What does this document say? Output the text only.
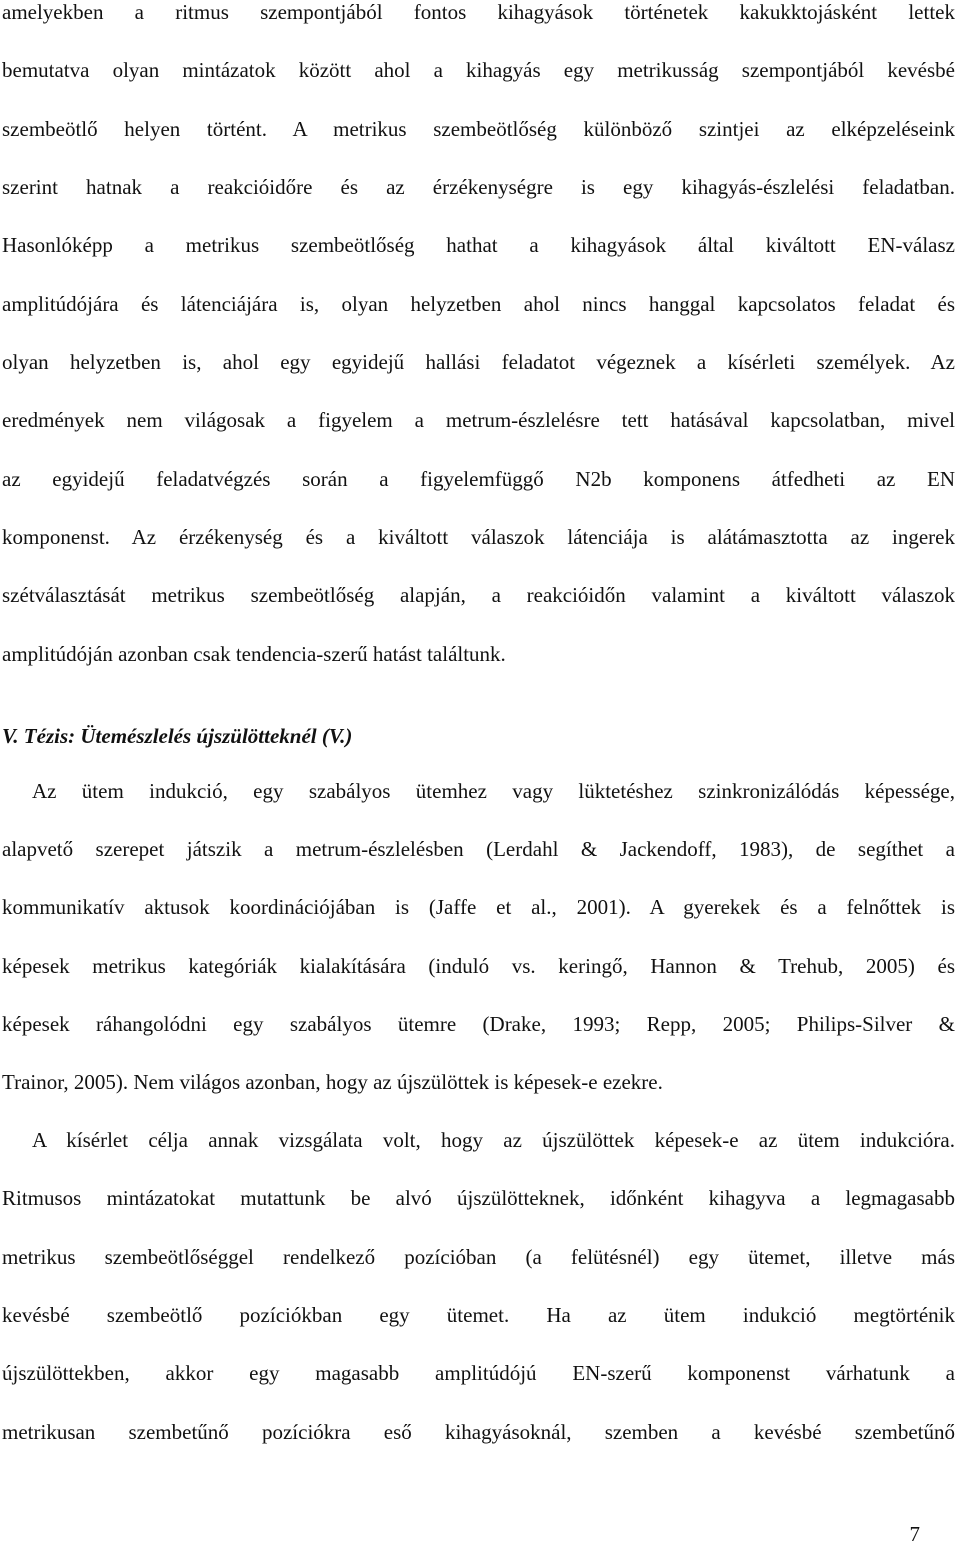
amelyekben a ritmus szempontjából fontos kihagyások történetek kakukktojásként lettek
bemutatva olyan mintázatok között ahol a kihagyás egy metrikusság szempontjából kevésbé
szembeötlő helyen történt. A metrikus szembeötlőség különböző szintjei az elképzeléseink
szerint hatnak a reakcióidőre és az érzékenységre is egy kihagyás-észlelési feladatban.
Hasonlóképp a metrikus szembeötlőség hathat a kihagyások által kiváltott EN-válasz
amplitúdójára és látenciájára is, olyan helyzetben ahol nincs hanggal kapcsolatos feladat és
olyan helyzetben is, ahol egy egyidejű hallási feladatot végeznek a kísérleti személyek. Az
eredmények nem világosak a figyelem a metrum-észlelésre tett hatásával kapcsolatban, mivel
az egyidejű feladatvégzés során a figyelemfüggő N2b komponens átfedheti az EN
komponenst. Az érzékenység és a kiváltott válaszok látenciája is alátámasztotta az ingerek
szétválasztását metrikus szembeötlőség alapján, a reakcióidőn valamint a kiváltott válaszok
amplitúdóján azonban csak tendencia-szerű hatást találtunk.
V. Tézis: Ütemészlelés újszülötteknél (V.)
Az ütem indukció, egy szabályos ütemhez vagy lüktetéshez szinkronizálódás képessége,
alapvető szerepet játszik a metrum-észlelésben (Lerdahl & Jackendoff, 1983), de segíthet a
kommunikatív aktusok koordinációjában is (Jaffe et al., 2001). A gyerekek és a felnőttek is
képesek metrikus kategóriák kialakítására (induló vs. keringő, Hannon & Trehub, 2005) és
képesek ráhangolódni egy szabályos ütemre (Drake, 1993; Repp, 2005; Philips-Silver &
Trainor, 2005). Nem világos azonban, hogy az újszülöttek is képesek-e ezekre.
A kísérlet célja annak vizsgálata volt, hogy az újszülöttek képesek-e az ütem indukcióra.
Ritmusos mintázatokat mutattunk be alvó újszülötteknek, időnként kihagyva a legmagasabb
metrikus szembeötlőséggel rendelkező pozícióban (a felütésnél) egy ütemet, illetve más
kevésbé szembeötlő pozíciókban egy ütemet. Ha az ütem indukció megtörténik
újszülöttekben, akkor egy magasabb amplitúdójú EN-szerű komponenst várhatunk a
metrikusan szembetűnő pozíciókra eső kihagyásoknál, szemben a kevésbé szembetűnő
7
